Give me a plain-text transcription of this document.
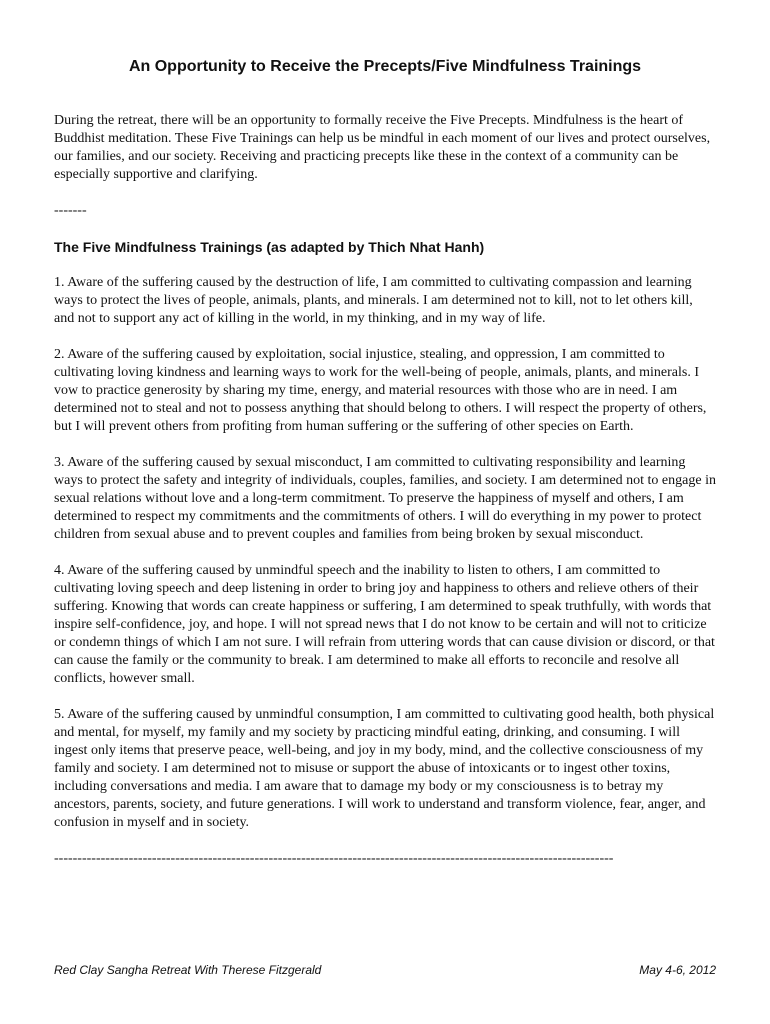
An Opportunity to Receive the Precepts/Five Mindfulness Trainings

During the retreat, there will be an opportunity to formally receive the Five Precepts. Mindfulness is the heart of Buddhist meditation. These Five Trainings can help us be mindful in each moment of our lives and protect ourselves, our families, and our society. Receiving and practicing precepts like these in the context of a community can be especially supportive and clarifying.

-------

The Five Mindfulness Trainings (as adapted by Thich Nhat Hanh)

1. Aware of the suffering caused by the destruction of life, I am committed to cultivating compassion and learning ways to protect the lives of people, animals, plants, and minerals. I am determined not to kill, not to let others kill, and not to support any act of killing in the world, in my thinking, and in my way of life.

2. Aware of the suffering caused by exploitation, social injustice, stealing, and oppression, I am committed to cultivating loving kindness and learning ways to work for the well-being of people, animals, plants, and minerals. I vow to practice generosity by sharing my time, energy, and material resources with those who are in need. I am determined not to steal and not to possess anything that should belong to others. I will respect the property of others, but I will prevent others from profiting from human suffering or the suffering of other species on Earth.

3. Aware of the suffering caused by sexual misconduct, I am committed to cultivating responsibility and learning ways to protect the safety and integrity of individuals, couples, families, and society. I am determined not to engage in sexual relations without love and a long-term commitment. To preserve the happiness of myself and others, I am determined to respect my commitments and the commitments of others. I will do everything in my power to protect children from sexual abuse and to prevent couples and families from being broken by sexual misconduct.

4. Aware of the suffering caused by unmindful speech and the inability to listen to others, I am committed to cultivating loving speech and deep listening in order to bring joy and happiness to others and relieve others of their suffering. Knowing that words can create happiness or suffering, I am determined to speak truthfully, with words that inspire self-confidence, joy, and hope. I will not spread news that I do not know to be certain and will not to criticize or condemn things of which I am not sure. I will refrain from uttering words that can cause division or discord, or that can cause the family or the community to break. I am determined to make all efforts to reconcile and resolve all conflicts, however small.

5. Aware of the suffering caused by unmindful consumption, I am committed to cultivating good health, both physical and mental, for myself, my family and my society by practicing mindful eating, drinking, and consuming. I will ingest only items that preserve peace, well-being, and joy in my body, mind, and the collective consciousness of my family and society. I am determined not to misuse or support the abuse of intoxicants or to ingest other toxins, including conversations and media. I am aware that to damage my body or my consciousness is to betray my ancestors, parents, society, and future generations. I will work to understand and transform violence, fear, anger, and confusion in myself and in society.

------------------------------------------------------------------------------------------------------------------------

Red Clay Sangha Retreat With Therese Fitzgerald	May 4-6, 2012
